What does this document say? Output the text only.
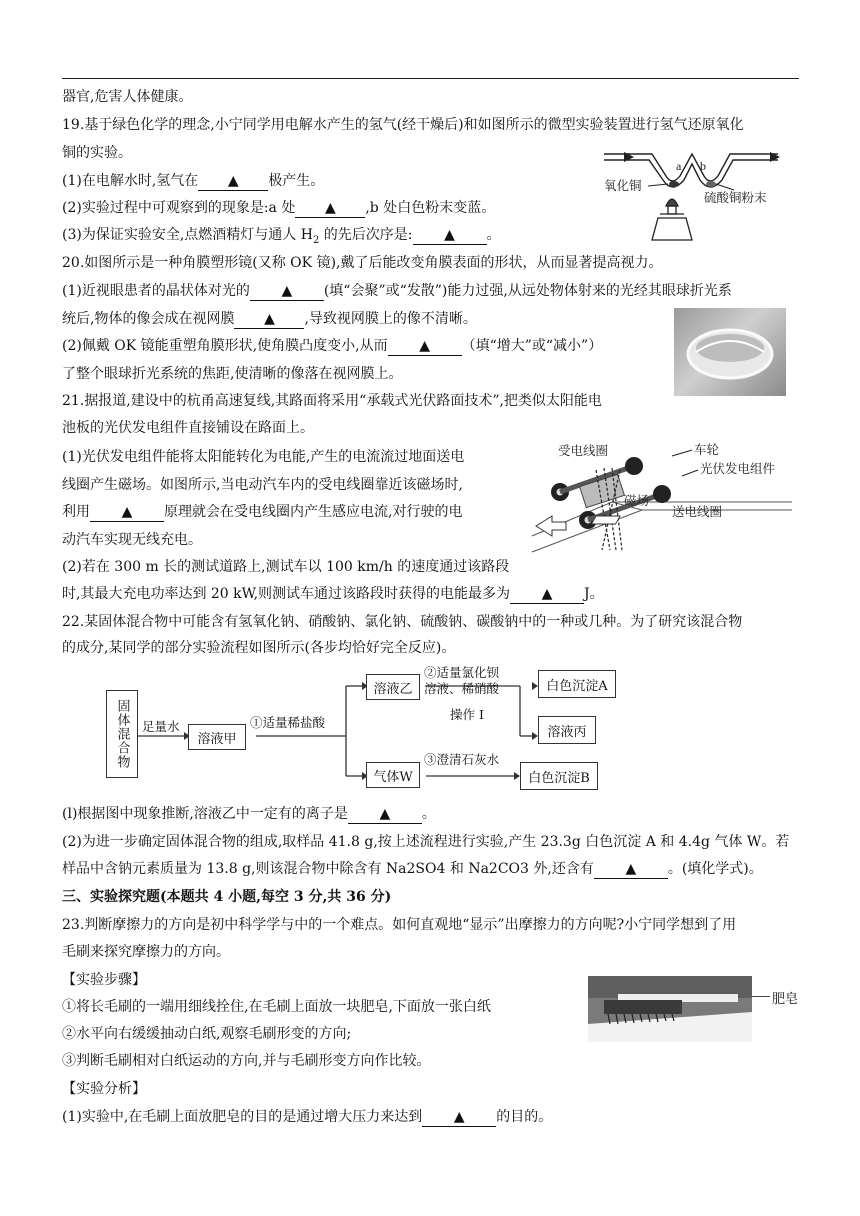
器官,危害人体健康。
19.基于绿色化学的理念,小宁同学用电解水产生的氢气(经干燥后)和如图所示的微型实验装置进行氢气还原氧化
铜的实验。
(1)在电解水时,氢气在 ▲ 极产生。
(2)实验过程中可观察到的现象是:a 处 ▲ ,b 处白色粉末变蓝。
(3)为保证实验安全,点燃酒精灯与通人 $H_2$ 的先后次序是: ▲ 。
a b
氧化铜
硫酸铜粉末
20.如图所示是一种角膜塑形镜(又称 OK 镜),戴了后能改变角膜表面的形状，从而显著提高视力。
(1)近视眼患者的晶状体对光的 ▲ (填“会聚”或“发散”)能力过强,从远处物体射来的光经其眼球折光系
统后,物体的像会成在视网膜 ▲ ,导致视网膜上的像不清晰。
(2)佩戴 OK 镜能重塑角膜形状,使角膜凸度变小,从而 ▲ （填“增大”或“减小”）
了整个眼球折光系统的焦距,使清晰的像落在视网膜上。
21.据报道,建设中的杭甬高速复线,其路面将采用“承载式光伏路面技术”,把类似太阳能电
池板的光伏发电组件直接铺设在路面上。
(1)光伏发电组件能将太阳能转化为电能,产生的电流流过地面送电
线圈产生磁场。如图所示,当电动汽车内的受电线圈靠近该磁场时,
利用 ▲ 原理就会在受电线圈内产生感应电流,对行驶的电
动汽车实现无线充电。
(2)若在 300 m 长的测试道路上,测试车以 100 km/h 的速度通过该路段
时,其最大充电功率达到 20 kW,则测试车通过该路段时获得的电能最多为 ▲ J。
受电线圈	车轮
光伏发电组件
磁场
送电线圈
22.某固体混合物中可能含有氢氧化钠、硝酸钠、氯化钠、硫酸钠、碳酸钠中的一种或几种。为了研究该混合物
的成分,某同学的部分实验流程如图所示(各步均恰好完全反应)。
固体混合物	足量水
溶液甲
①适量稀盐酸
溶液乙
②适量氯化钡
溶液、稀硝酸
操作 I
白色沉淀A
溶液丙
气体W
③澄清石灰水
白色沉淀B
(l)根据图中现象推断,溶液乙中一定有的离子是 ▲ 。
(2)为进一步确定固体混合物的组成,取样品 41.8 g,按上述流程进行实验,产生 23.3g 白色沉淀 A 和 4.4g 气体 W。若
样品中含钠元素质量为 13.8 g,则该混合物中除含有 Na2SO4 和 Na2CO3 外,还含有 ▲ 。(填化学式)。
三、实验探究题(本题共 4 小题,每空 3 分,共 36 分)
23.判断摩擦力的方向是初中科学学与中的一个难点。如何直观地“显示”出摩擦力的方向呢?小宁同学想到了用
毛刷来探究摩擦力的方向。
【实验步骤】
①将长毛刷的一端用细线拴住,在毛刷上面放一块肥皂,下面放一张白纸
②水平向右缓缓抽动白纸,观察毛刷形变的方向;
③判断毛刷相对白纸运动的方向,并与毛刷形变方向作比较。
【实验分析】
(1)实验中,在毛刷上面放肥皂的目的是通过增大压力来达到 ▲ 的目的。
肥皂
